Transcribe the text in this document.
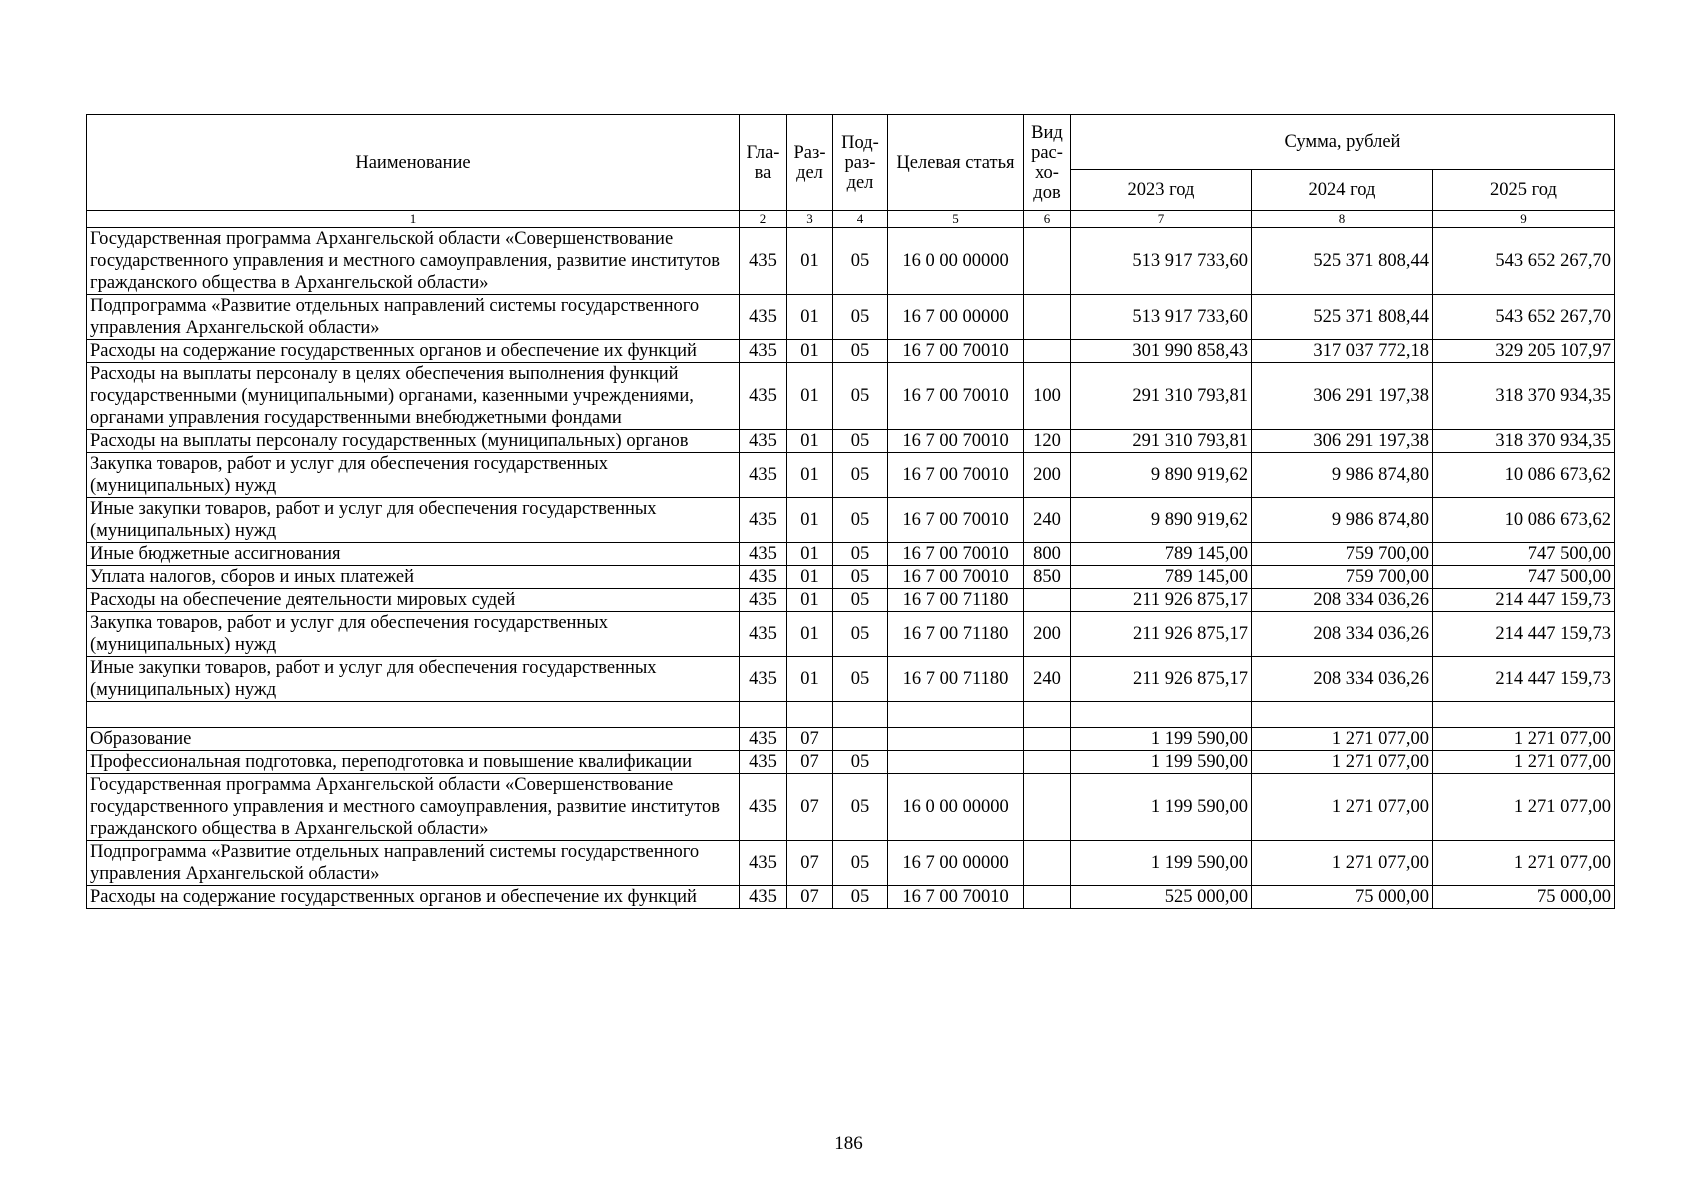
Наименование	Гла-ва	Раз-дел	Под-раз-дел	Целевая статья	Вид рас-хо-дов	Сумма, рублей		
						2023 год	2024 год	2025 год
1	2	3	4	5	6	7	8	9
Государственная программа Архангельской области «Совершенствование государственного управления и местного самоуправления, развитие институтов гражданского общества в Архангельской области»	435	01	05	16 0 00 00000		513 917 733,60	525 371 808,44	543 652 267,70
Подпрограмма «Развитие отдельных направлений системы государственного управления Архангельской области»	435	01	05	16 7 00 00000		513 917 733,60	525 371 808,44	543 652 267,70
Расходы на содержание государственных органов и обеспечение их функций	435	01	05	16 7 00 70010		301 990 858,43	317 037 772,18	329 205 107,97
Расходы на выплаты персоналу в целях обеспечения выполнения функций государственными (муниципальными) органами, казенными учреждениями, органами управления государственными внебюджетными фондами	435	01	05	16 7 00 70010	100	291 310 793,81	306 291 197,38	318 370 934,35
Расходы на выплаты персоналу государственных (муниципальных) органов	435	01	05	16 7 00 70010	120	291 310 793,81	306 291 197,38	318 370 934,35
Закупка товаров, работ и услуг для обеспечения государственных (муниципальных) нужд	435	01	05	16 7 00 70010	200	9 890 919,62	9 986 874,80	10 086 673,62
Иные закупки товаров, работ и услуг для обеспечения государственных (муниципальных) нужд	435	01	05	16 7 00 70010	240	9 890 919,62	9 986 874,80	10 086 673,62
Иные бюджетные ассигнования	435	01	05	16 7 00 70010	800	789 145,00	759 700,00	747 500,00
Уплата налогов, сборов и иных платежей	435	01	05	16 7 00 70010	850	789 145,00	759 700,00	747 500,00
Расходы на обеспечение деятельности мировых судей	435	01	05	16 7 00 71180		211 926 875,17	208 334 036,26	214 447 159,73
Закупка товаров, работ и услуг для обеспечения государственных (муниципальных) нужд	435	01	05	16 7 00 71180	200	211 926 875,17	208 334 036,26	214 447 159,73
Иные закупки товаров, работ и услуг для обеспечения государственных (муниципальных) нужд	435	01	05	16 7 00 71180	240	211 926 875,17	208 334 036,26	214 447 159,73

Образование	435	07				1 199 590,00	1 271 077,00	1 271 077,00
Профессиональная подготовка, переподготовка и повышение квалификации	435	07	05			1 199 590,00	1 271 077,00	1 271 077,00
Государственная программа Архангельской области «Совершенствование государственного управления и местного самоуправления, развитие институтов гражданского общества в Архангельской области»	435	07	05	16 0 00 00000		1 199 590,00	1 271 077,00	1 271 077,00
Подпрограмма «Развитие отдельных направлений системы государственного управления Архангельской области»	435	07	05	16 7 00 00000		1 199 590,00	1 271 077,00	1 271 077,00
Расходы на содержание государственных органов и обеспечение их функций	435	07	05	16 7 00 70010		525 000,00	75 000,00	75 000,00
186
